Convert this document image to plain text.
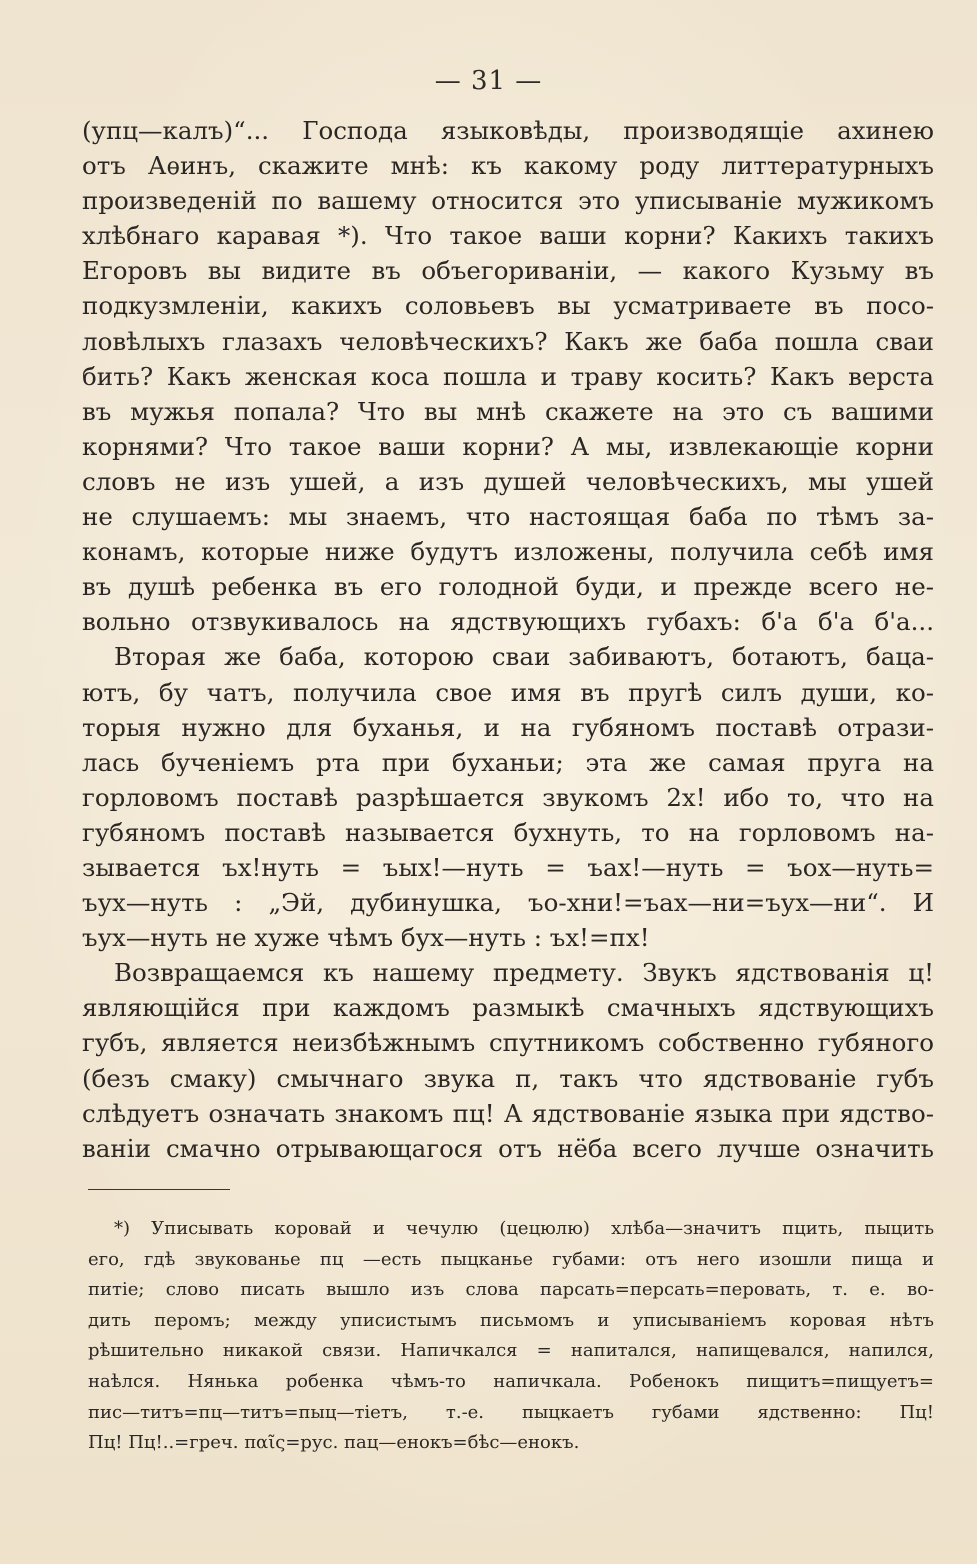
— 31 —
(упц—калъ)“... Господа языковѣды, производящіе ахинею
отъ Аѳинъ, скажите мнѣ: къ какому роду литтературныхъ
произведеній по вашему относится это уписываніе мужикомъ
хлѣбнаго каравая *). Что такое ваши корни? Какихъ такихъ
Егоровъ вы видите въ объегориваніи, — какого Кузьму въ
подкузмленіи, какихъ соловьевъ вы усматриваете въ посо-
ловѣлыхъ глазахъ человѣческихъ? Какъ же баба пошла сваи
бить? Какъ женская коса пошла и траву косить? Какъ верста
въ мужья попала? Что вы мнѣ скажете на это съ вашими
корнями? Что такое ваши корни? А мы, извлекающіе корни
словъ не изъ ушей, а изъ душей человѣческихъ, мы ушей
не слушаемъ: мы знаемъ, что настоящая баба по тѣмъ за-
конамъ, которые ниже будутъ изложены, получила себѣ имя
въ душѣ ребенка въ его голодной буди, и прежде всего не-
вольно отзвукивалось на ядствующихъ губахъ: б'а б'а б'а...
Вторая же баба, которою сваи забиваютъ, ботаютъ, бацa-
ютъ, бу чатъ, получила свое имя въ пругѣ силъ души, ко-
торыя нужно для буханья, и на губяномъ поставѣ отрази-
лась бученіемъ рта при буханьи; эта же самая пруга на
горловомъ поставѣ разрѣшается звукомъ 2х! ибо то, что на
губяномъ поставѣ называется бухнуть, то на горловомъ на-
зывается ъх!нуть = ъых!—нуть = ъах!—нуть = ъох—нуть=
ъух—нуть : „Эй, дубинушка, ъо-хни!=ъах—ни=ъух—ни“. И
ъух—нуть не хуже чѣмъ бух—нуть : ъх!=пх!
Возвращаемся къ нашему предмету. Звукъ ядствованія ц!
являющійся при каждомъ размыкѣ смачныхъ ядствующихъ
губъ, является неизбѣжнымъ спутникомъ собственно губяного
(безъ смаку) смычнаго звука п, такъ что ядствованіе губъ
слѣдуетъ означать знакомъ пц! А ядствованіе языка при ядство-
ваніи смачно отрывающагося отъ нёба всего лучше означить
*) Уписывать коровай и чечулю (цецюлю) хлѣба—значитъ пцить, пыцить
его, гдѣ звукованье пц —есть пыцканье губами: отъ него изошли пища и
питіе; слово писать вышло изъ слова парсать=персать=перовать, т. е. во-
дить перомъ; между уписистымъ письмомъ и уписываніемъ коровая нѣтъ
рѣшительно никакой связи. Напичкался = напитался, напищевался, напился,
наѣлся. Нянька робенка чѣмъ-то напичкала. Робенокъ пищитъ=пищуетъ=
пис—титъ=пц—титъ=пыц—тіетъ, т.-е. пыцкаетъ губами ядственно: Пц!
Пц! Пц!..=греч. παῖς=рус. пац—енокъ=бѣс—енокъ.
